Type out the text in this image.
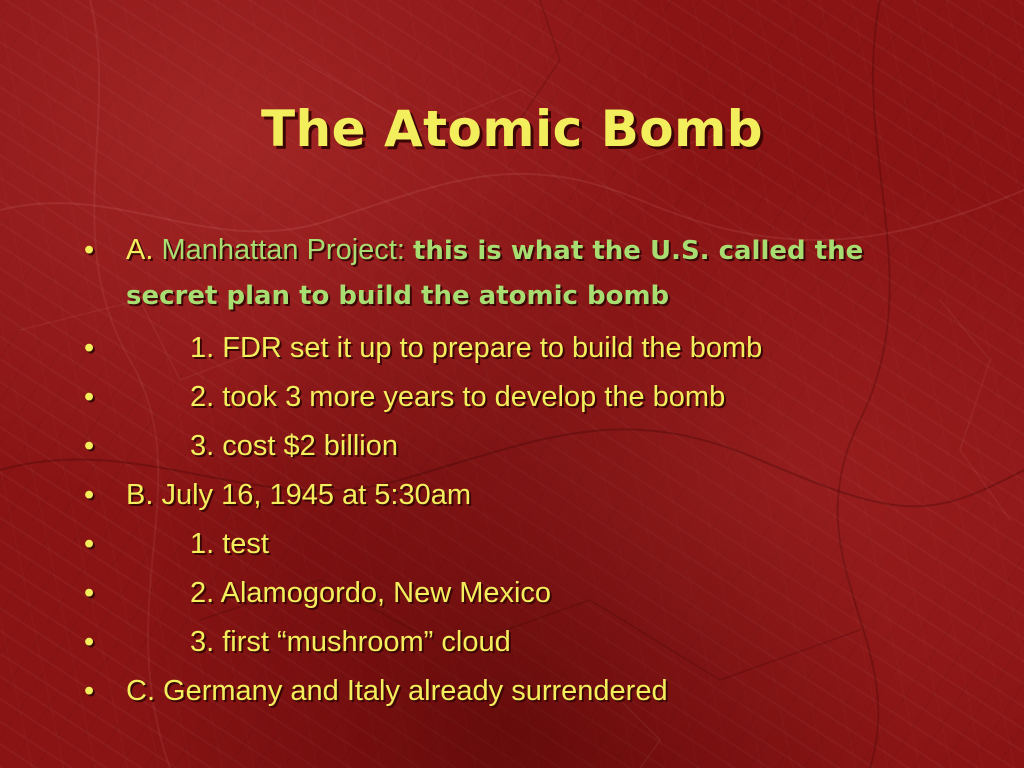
The Atomic Bomb
•	A. Manhattan Project: this is what the U.S. called the secret plan to build the atomic bomb
•	1. FDR set it up to prepare to build the bomb
•	2. took 3 more years to develop the bomb
•	3. cost $2 billion
•	B. July 16, 1945 at 5:30am
•	1. test
•	2. Alamogordo, New Mexico
•	3. first “mushroom” cloud
•	C. Germany and Italy already surrendered
